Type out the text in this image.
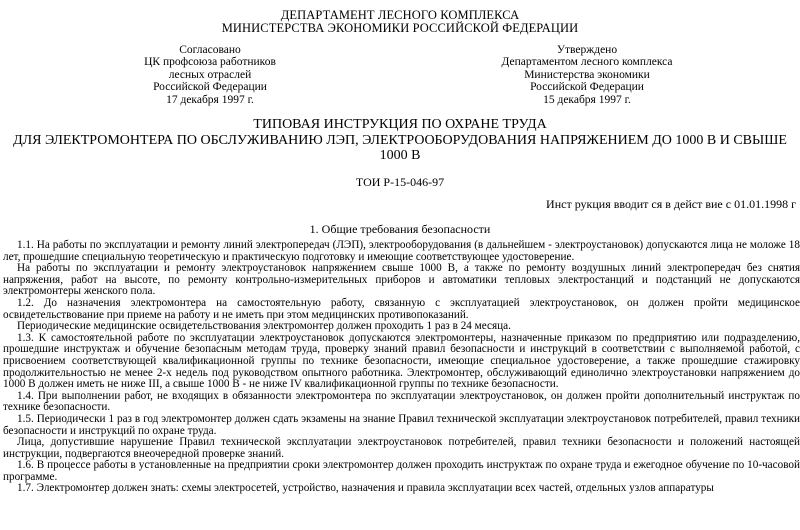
ДЕПАРТАМЕНТ ЛЕСНОГО КОМПЛЕКСА
МИНИСТЕРСТВА ЭКОНОМИКИ РОССИЙСКОЙ ФЕДЕРАЦИИ
Согласовано
ЦК профсоюза работников
лесных отраслей
Российской Федерации
17 декабря 1997 г.
Утверждено
Департаментом лесного комплекса
Министерства экономики
Российской Федерации
15 декабря 1997 г.
ТИПОВАЯ ИНСТРУКЦИЯ ПО ОХРАНЕ ТРУДА
ДЛЯ ЭЛЕКТРОМОНТЕРА ПО ОБСЛУЖИВАНИЮ ЛЭП, ЭЛЕКТРООБОРУДОВАНИЯ НАПРЯЖЕНИЕМ ДО 1000 В И СВЫШЕ
1000 В
ТОИ Р-15-046-97
Инст рукция вводит ся в дейст вие с 01.01.1998 г
1. Общие требования безопасности

1.1. На работы по эксплуатации и ремонту линий электропередач (ЛЭП), электрооборудования (в дальнейшем - электроустановок) допускаются лица не моложе 18 лет, прошедшие специальную теоретическую и практическую подготовку и имеющие соответствующее удостоверение.

На работы по эксплуатации и ремонту электроустановок напряжением свыше 1000 В, а также по ремонту воздушных линий электропередач без снятия напряжения, работ на высоте, по ремонту контрольно-измерительных приборов и автоматики тепловых электростанций и подстанций не допускаются электромонтеры женского пола.

1.2. До назначения электромонтера на самостоятельную работу, связанную с эксплуатацией электроустановок, он должен пройти медицинское освидетельствование при приеме на работу и не иметь при этом медицинских противопоказаний.

Периодические медицинские освидетельствования электромонтер должен проходить 1 раз в 24 месяца.

1.3. К самостоятельной работе по эксплуатации электроустановок допускаются электромонтеры, назначенные приказом по предприятию или подразделению, прошедшие инструктаж и обучение безопасным методам труда, проверку знаний правил безопасности и инструкций в соответствии с выполняемой работой, с присвоением соответствующей квалификационной группы по технике безопасности, имеющие специальное удостоверение, а также прошедшие стажировку продолжительностью не менее 2-х недель под руководством опытного работника. Электромонтер, обслуживающий единолично электроустановки напряжением до 1000 В должен иметь не ниже III, а свыше 1000 В - не ниже IV квалификационной группы по технике безопасности.

1.4. При выполнении работ, не входящих в обязанности электромонтера по эксплуатации электроустановок, он должен пройти дополнительный инструктаж по технике безопасности.

1.5. Периодически 1 раз в год электромонтер должен сдать экзамены на знание Правил технической эксплуатации электроустановок потребителей, правил техники безопасности и инструкций по охране труда.

Лица, допустившие нарушение Правил технической эксплуатации электроустановок потребителей, правил техники безопасности и положений настоящей инструкции, подвергаются внеочередной проверке знаний.

1.6. В процессе работы в установленные на предприятии сроки электромонтер должен проходить инструктаж по охране труда и ежегодное обучение по 10-часовой программе.

1.7. Электромонтер должен знать: схемы электросетей, устройство, назначения и правила эксплуатации всех частей, отдельных узлов аппаратуры
